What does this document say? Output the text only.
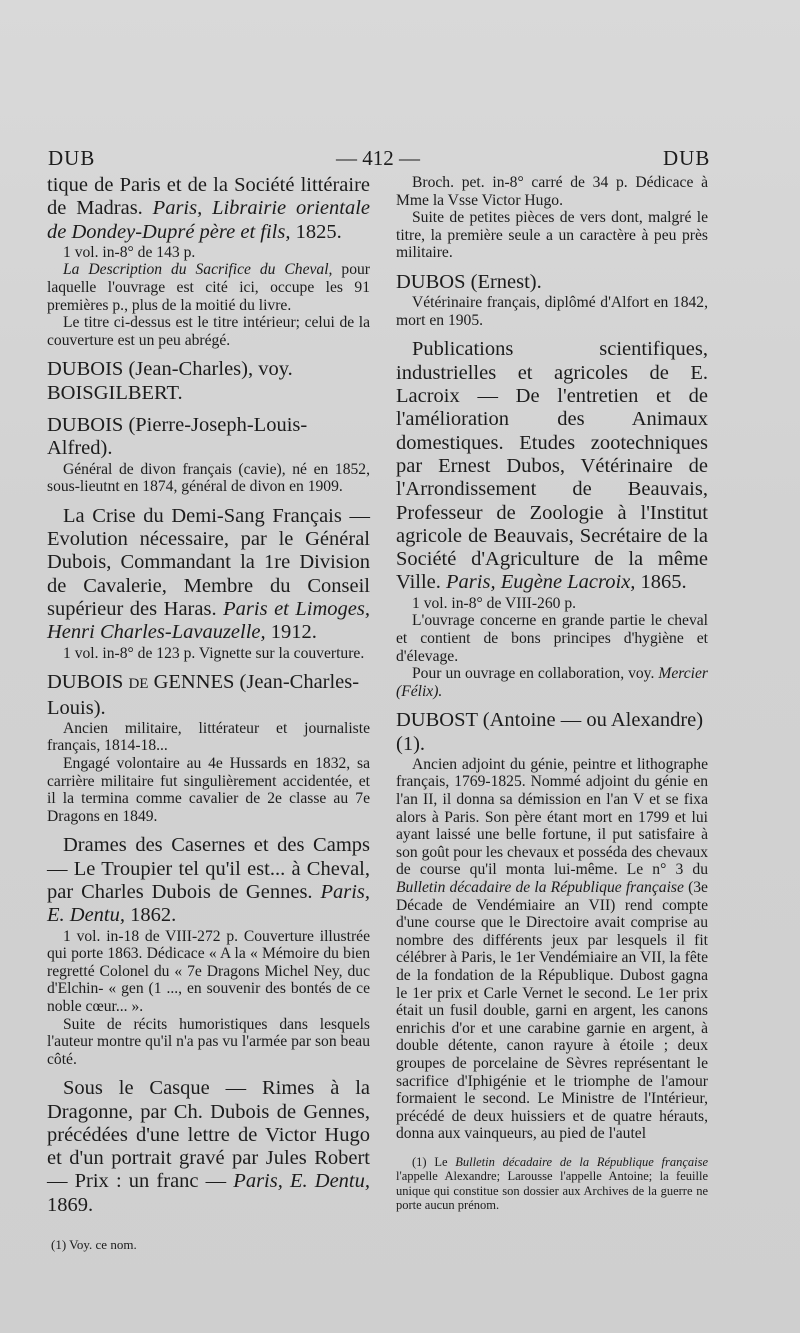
DUB	— 412 —	DUB

tique de Paris et de la Société littéraire de Madras. Paris, Librairie orientale de Dondey-Dupré père et fils, 1825.

1 vol. in-8° de 143 p.

La Description du Sacrifice du Cheval, pour laquelle l'ouvrage est cité ici, occupe les 91 premières p., plus de la moitié du livre.

Le titre ci-dessus est le titre intérieur; celui de la couverture est un peu abrégé.

DUBOIS (Jean-Charles), voy. BOISGILBERT.

DUBOIS (Pierre-Joseph-Louis-Alfred).

Général de divon français (cavie), né en 1852, sous-lieutnt en 1874, général de divon en 1909.

La Crise du Demi-Sang Français — Evolution nécessaire, par le Général Dubois, Commandant la 1re Division de Cavalerie, Membre du Conseil supérieur des Haras. Paris et Limoges, Henri Charles-Lavauzelle, 1912.

1 vol. in-8° de 123 p. Vignette sur la couverture.

DUBOIS DE GENNES (Jean-Charles-Louis).

Ancien militaire, littérateur et journaliste français, 1814-18...

Engagé volontaire au 4e Hussards en 1832, sa carrière militaire fut singulièrement accidentée, et il la termina comme cavalier de 2e classe au 7e Dragons en 1849.

Drames des Casernes et des Camps — Le Troupier tel qu'il est... à Cheval, par Charles Dubois de Gennes. Paris, E. Dentu, 1862.

1 vol. in-18 de VIII-272 p. Couverture illustrée qui porte 1863. Dédicace « A la « Mémoire du bien regretté Colonel du « 7e Dragons Michel Ney, duc d'Elchin- « gen (1 ..., en souvenir des bontés de ce noble cœur... ».

Suite de récits humoristiques dans lesquels l'auteur montre qu'il n'a pas vu l'armée par son beau côté.

Sous le Casque — Rimes à la Dragonne, par Ch. Dubois de Gennes, précédées d'une lettre de Victor Hugo et d'un portrait gravé par Jules Robert — Prix : un franc — Paris, E. Dentu, 1869.

(1) Voy. ce nom.

Broch. pet. in-8° carré de 34 p. Dédicace à Mme la Vsse Victor Hugo.

Suite de petites pièces de vers dont, malgré le titre, la première seule a un caractère à peu près militaire.

DUBOS (Ernest).

Vétérinaire français, diplômé d'Alfort en 1842, mort en 1905.

Publications scientifiques, industrielles et agricoles de E. Lacroix — De l'entretien et de l'amélioration des Animaux domestiques. Etudes zootechniques par Ernest Dubos, Vétérinaire de l'Arrondissement de Beauvais, Professeur de Zoologie à l'Institut agricole de Beauvais, Secrétaire de la Société d'Agriculture de la même Ville. Paris, Eugène Lacroix, 1865.

1 vol. in-8° de VIII-260 p.

L'ouvrage concerne en grande partie le cheval et contient de bons principes d'hygiène et d'élevage.

Pour un ouvrage en collaboration, voy. Mercier (Félix).

DUBOST (Antoine — ou Alexandre) (1).

Ancien adjoint du génie, peintre et lithographe français, 1769-1825. Nommé adjoint du génie en l'an II, il donna sa démission en l'an V et se fixa alors à Paris. Son père étant mort en 1799 et lui ayant laissé une belle fortune, il put satisfaire à son goût pour les chevaux et posséda des chevaux de course qu'il monta lui-même. Le n° 3 du Bulletin décadaire de la République française (3e Décade de Vendémiaire an VII) rend compte d'une course que le Directoire avait comprise au nombre des différents jeux par lesquels il fit célébrer à Paris, le 1er Vendémiaire an VII, la fête de la fondation de la République. Dubost gagna le 1er prix et Carle Vernet le second. Le 1er prix était un fusil double, garni en argent, les canons enrichis d'or et une carabine garnie en argent, à double détente, canon rayure à étoile ; deux groupes de porcelaine de Sèvres représentant le sacrifice d'Iphigénie et le triomphe de l'amour formaient le second. Le Ministre de l'Intérieur, précédé de deux huissiers et de quatre hérauts, donna aux vainqueurs, au pied de l'autel

(1) Le Bulletin décadaire de la République française l'appelle Alexandre; Larousse l'appelle Antoine; la feuille unique qui constitue son dossier aux Archives de la guerre ne porte aucun prénom.
